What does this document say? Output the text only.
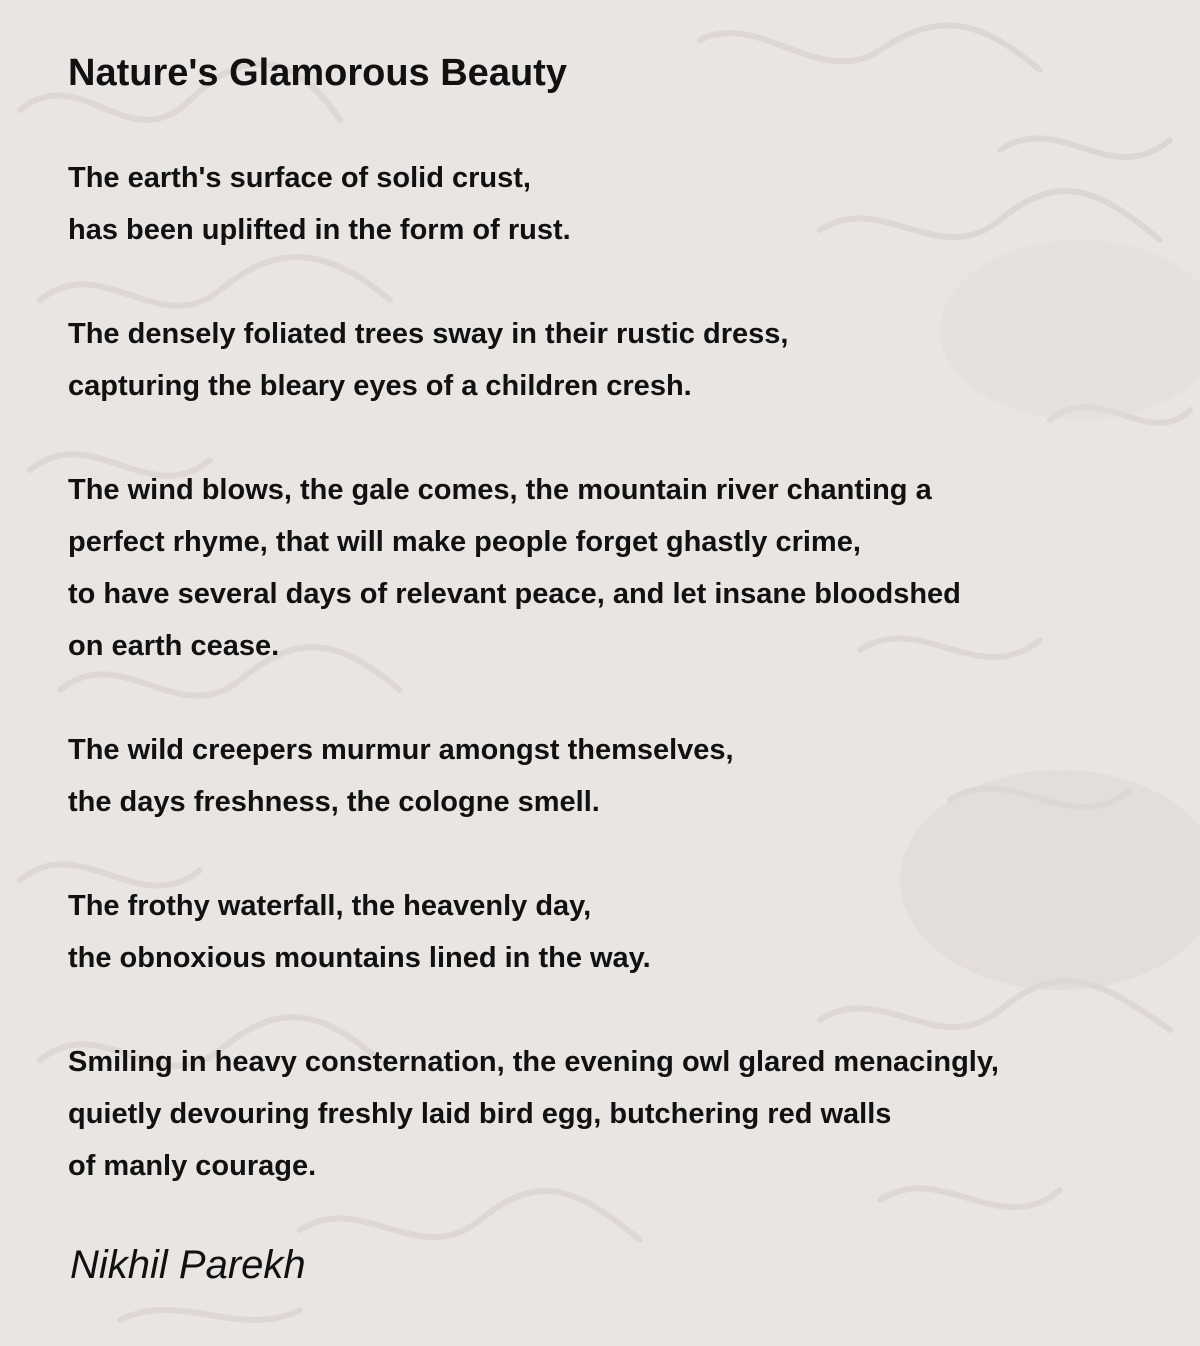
Nature's Glamorous Beauty
The earth's surface of solid crust,
has been uplifted in the form of rust.
The densely foliated trees sway in their rustic dress,
capturing the bleary eyes of a children cresh.
The wind blows, the gale comes, the mountain river chanting a
perfect rhyme, that will make people forget ghastly crime,
to have several days of relevant peace, and let insane bloodshed
on earth cease.
The wild creepers murmur amongst themselves,
the days freshness, the cologne smell.
The frothy waterfall, the heavenly day,
the obnoxious mountains lined in the way.
Smiling in heavy consternation, the evening owl glared menacingly,
quietly devouring freshly laid bird egg, butchering red walls
of manly courage.
Nikhil Parekh
